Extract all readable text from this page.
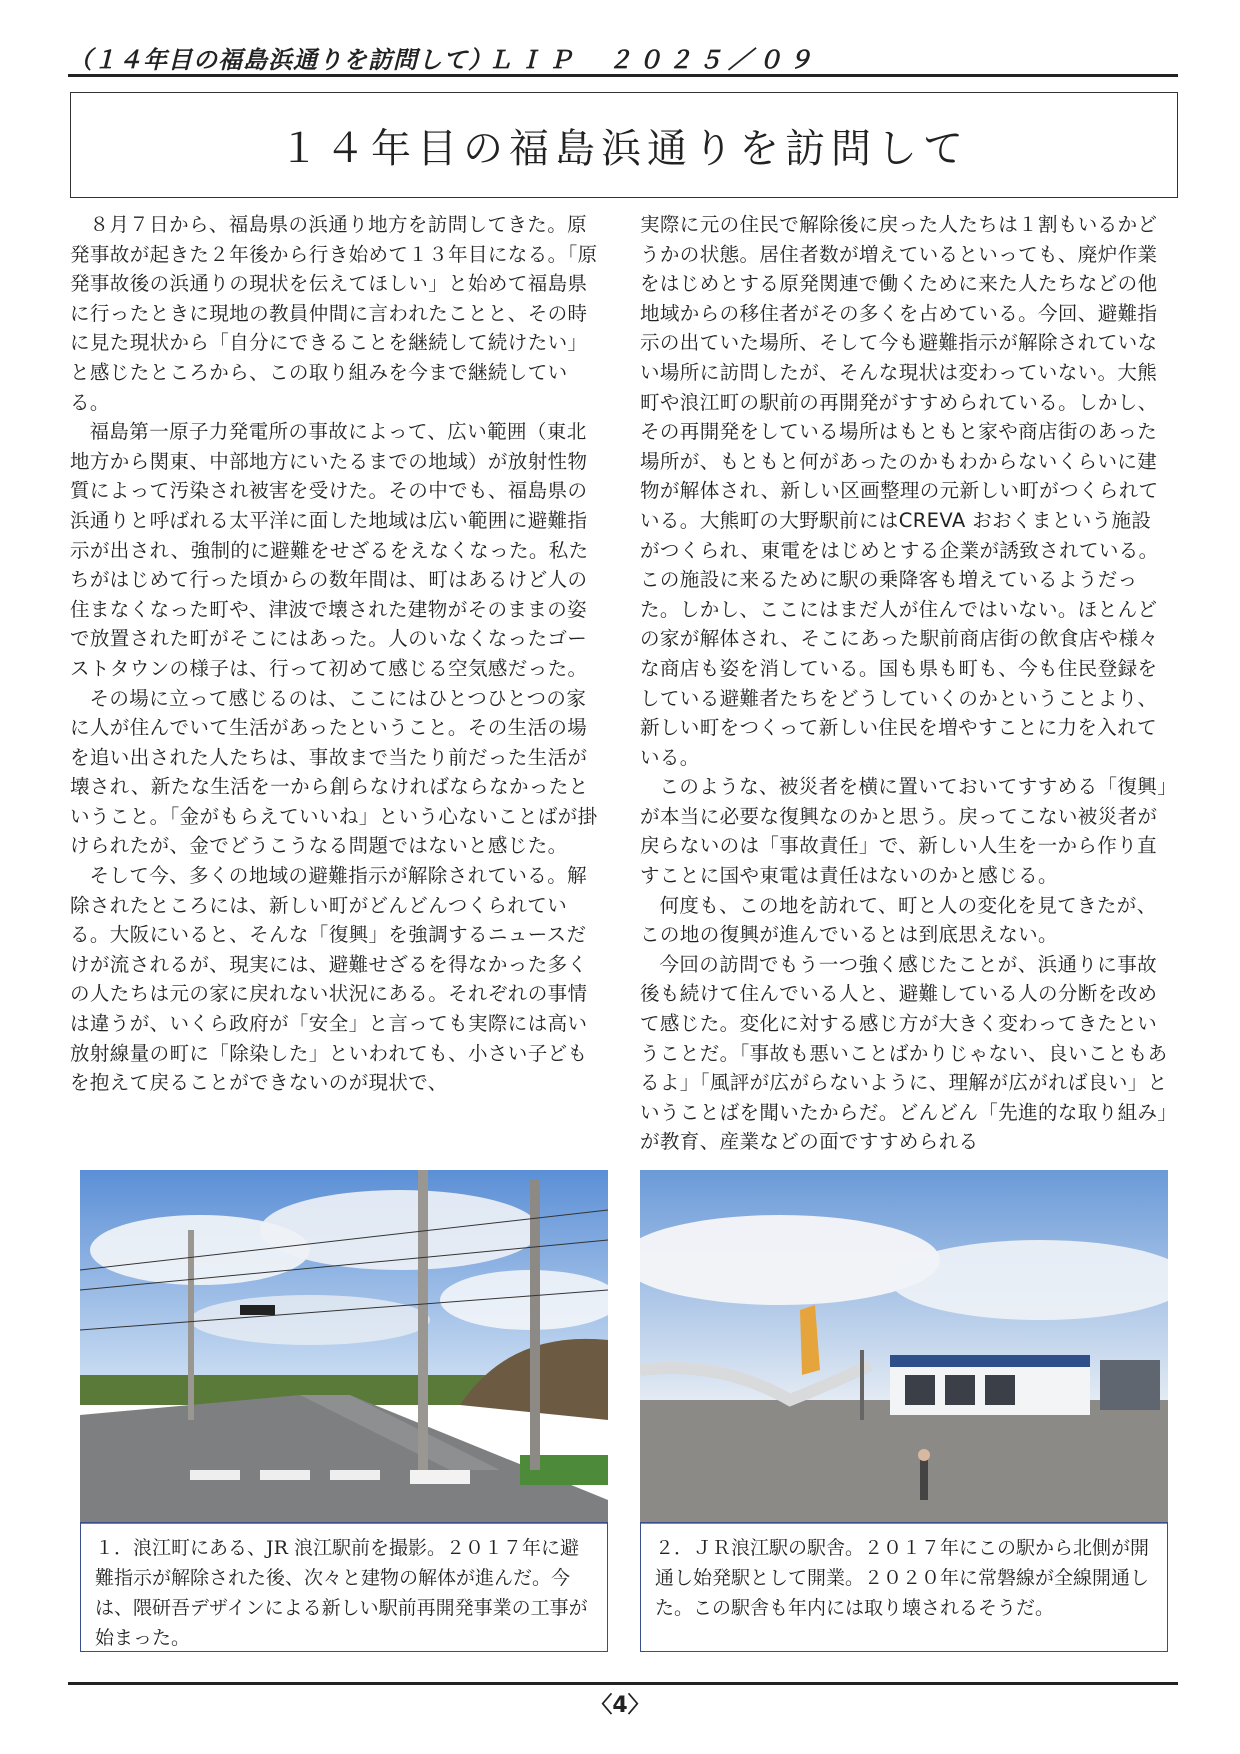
（１４年目の福島浜通りを訪問して）
ＬＩＰ　２０２５／０９
１４年目の福島浜通りを訪問して

８月７日から、福島県の浜通り地方を訪問してきた。原発事故が起きた２年後から行き始めて１３年目になる。「原発事故後の浜通りの現状を伝えてほしい」と始めて福島県に行ったときに現地の教員仲間に言われたことと、その時に見た現状から「自分にできることを継続して続けたい」と感じたところから、この取り組みを今まで継続している。

福島第一原子力発電所の事故によって、広い範囲（東北地方から関東、中部地方にいたるまでの地域）が放射性物質によって汚染され被害を受けた。その中でも、福島県の浜通りと呼ばれる太平洋に面した地域は広い範囲に避難指示が出され、強制的に避難をせざるをえなくなった。私たちがはじめて行った頃からの数年間は、町はあるけど人の住まなくなった町や、津波で壊された建物がそのままの姿で放置された町がそこにはあった。人のいなくなったゴーストタウンの様子は、行って初めて感じる空気感だった。

その場に立って感じるのは、ここにはひとつひとつの家に人が住んでいて生活があったということ。その生活の場を追い出された人たちは、事故まで当たり前だった生活が壊され、新たな生活を一から創らなければならなかったということ。「金がもらえていいね」という心ないことばが掛けられたが、金でどうこうなる問題ではないと感じた。

そして今、多くの地域の避難指示が解除されている。解除されたところには、新しい町がどんどんつくられている。大阪にいると、そんな「復興」を強調するニュースだけが流されるが、現実には、避難せざるを得なかった多くの人たちは元の家に戻れない状況にある。それぞれの事情は違うが、いくら政府が「安全」と言っても実際には高い放射線量の町に「除染した」といわれても、小さい子どもを抱えて戻ることができないのが現状で、

実際に元の住民で解除後に戻った人たちは１割もいるかどうかの状態。居住者数が増えているといっても、廃炉作業をはじめとする原発関連で働くために来た人たちなどの他地域からの移住者がその多くを占めている。今回、避難指示の出ていた場所、そして今も避難指示が解除されていない場所に訪問したが、そんな現状は変わっていない。大熊町や浪江町の駅前の再開発がすすめられている。しかし、その再開発をしている場所はもともと家や商店街のあった場所が、もともと何があったのかもわからないくらいに建物が解体され、新しい区画整理の元新しい町がつくられている。大熊町の大野駅前にはCREVA おおくまという施設がつくられ、東電をはじめとする企業が誘致されている。この施設に来るために駅の乗降客も増えているようだった。しかし、ここにはまだ人が住んではいない。ほとんどの家が解体され、そこにあった駅前商店街の飲食店や様々な商店も姿を消している。国も県も町も、今も住民登録をしている避難者たちをどうしていくのかということより、新しい町をつくって新しい住民を増やすことに力を入れている。

このような、被災者を横に置いておいてすすめる「復興」が本当に必要な復興なのかと思う。戻ってこない被災者が戻らないのは「事故責任」で、新しい人生を一から作り直すことに国や東電は責任はないのかと感じる。

何度も、この地を訪れて、町と人の変化を見てきたが、この地の復興が進んでいるとは到底思えない。

今回の訪問でもう一つ強く感じたことが、浜通りに事故後も続けて住んでいる人と、避難している人の分断を改めて感じた。変化に対する感じ方が大きく変わってきたということだ。「事故も悪いことばかりじゃない、良いこともあるよ」「風評が広がらないように、理解が広がれば良い」ということばを聞いたからだ。どんどん「先進的な取り組み」が教育、産業などの面ですすめられる

１．浪江町にある、JR 浪江駅前を撮影。２０１７年に避難指示が解除された後、次々と建物の解体が進んだ。今は、隈研吾デザインによる新しい駅前再開発事業の工事が始まった。
２．ＪＲ浪江駅の駅舎。２０１７年にこの駅から北側が開通し始発駅として開業。２０２０年に常磐線が全線開通した。この駅舎も年内には取り壊されるそうだ。
〈4〉
